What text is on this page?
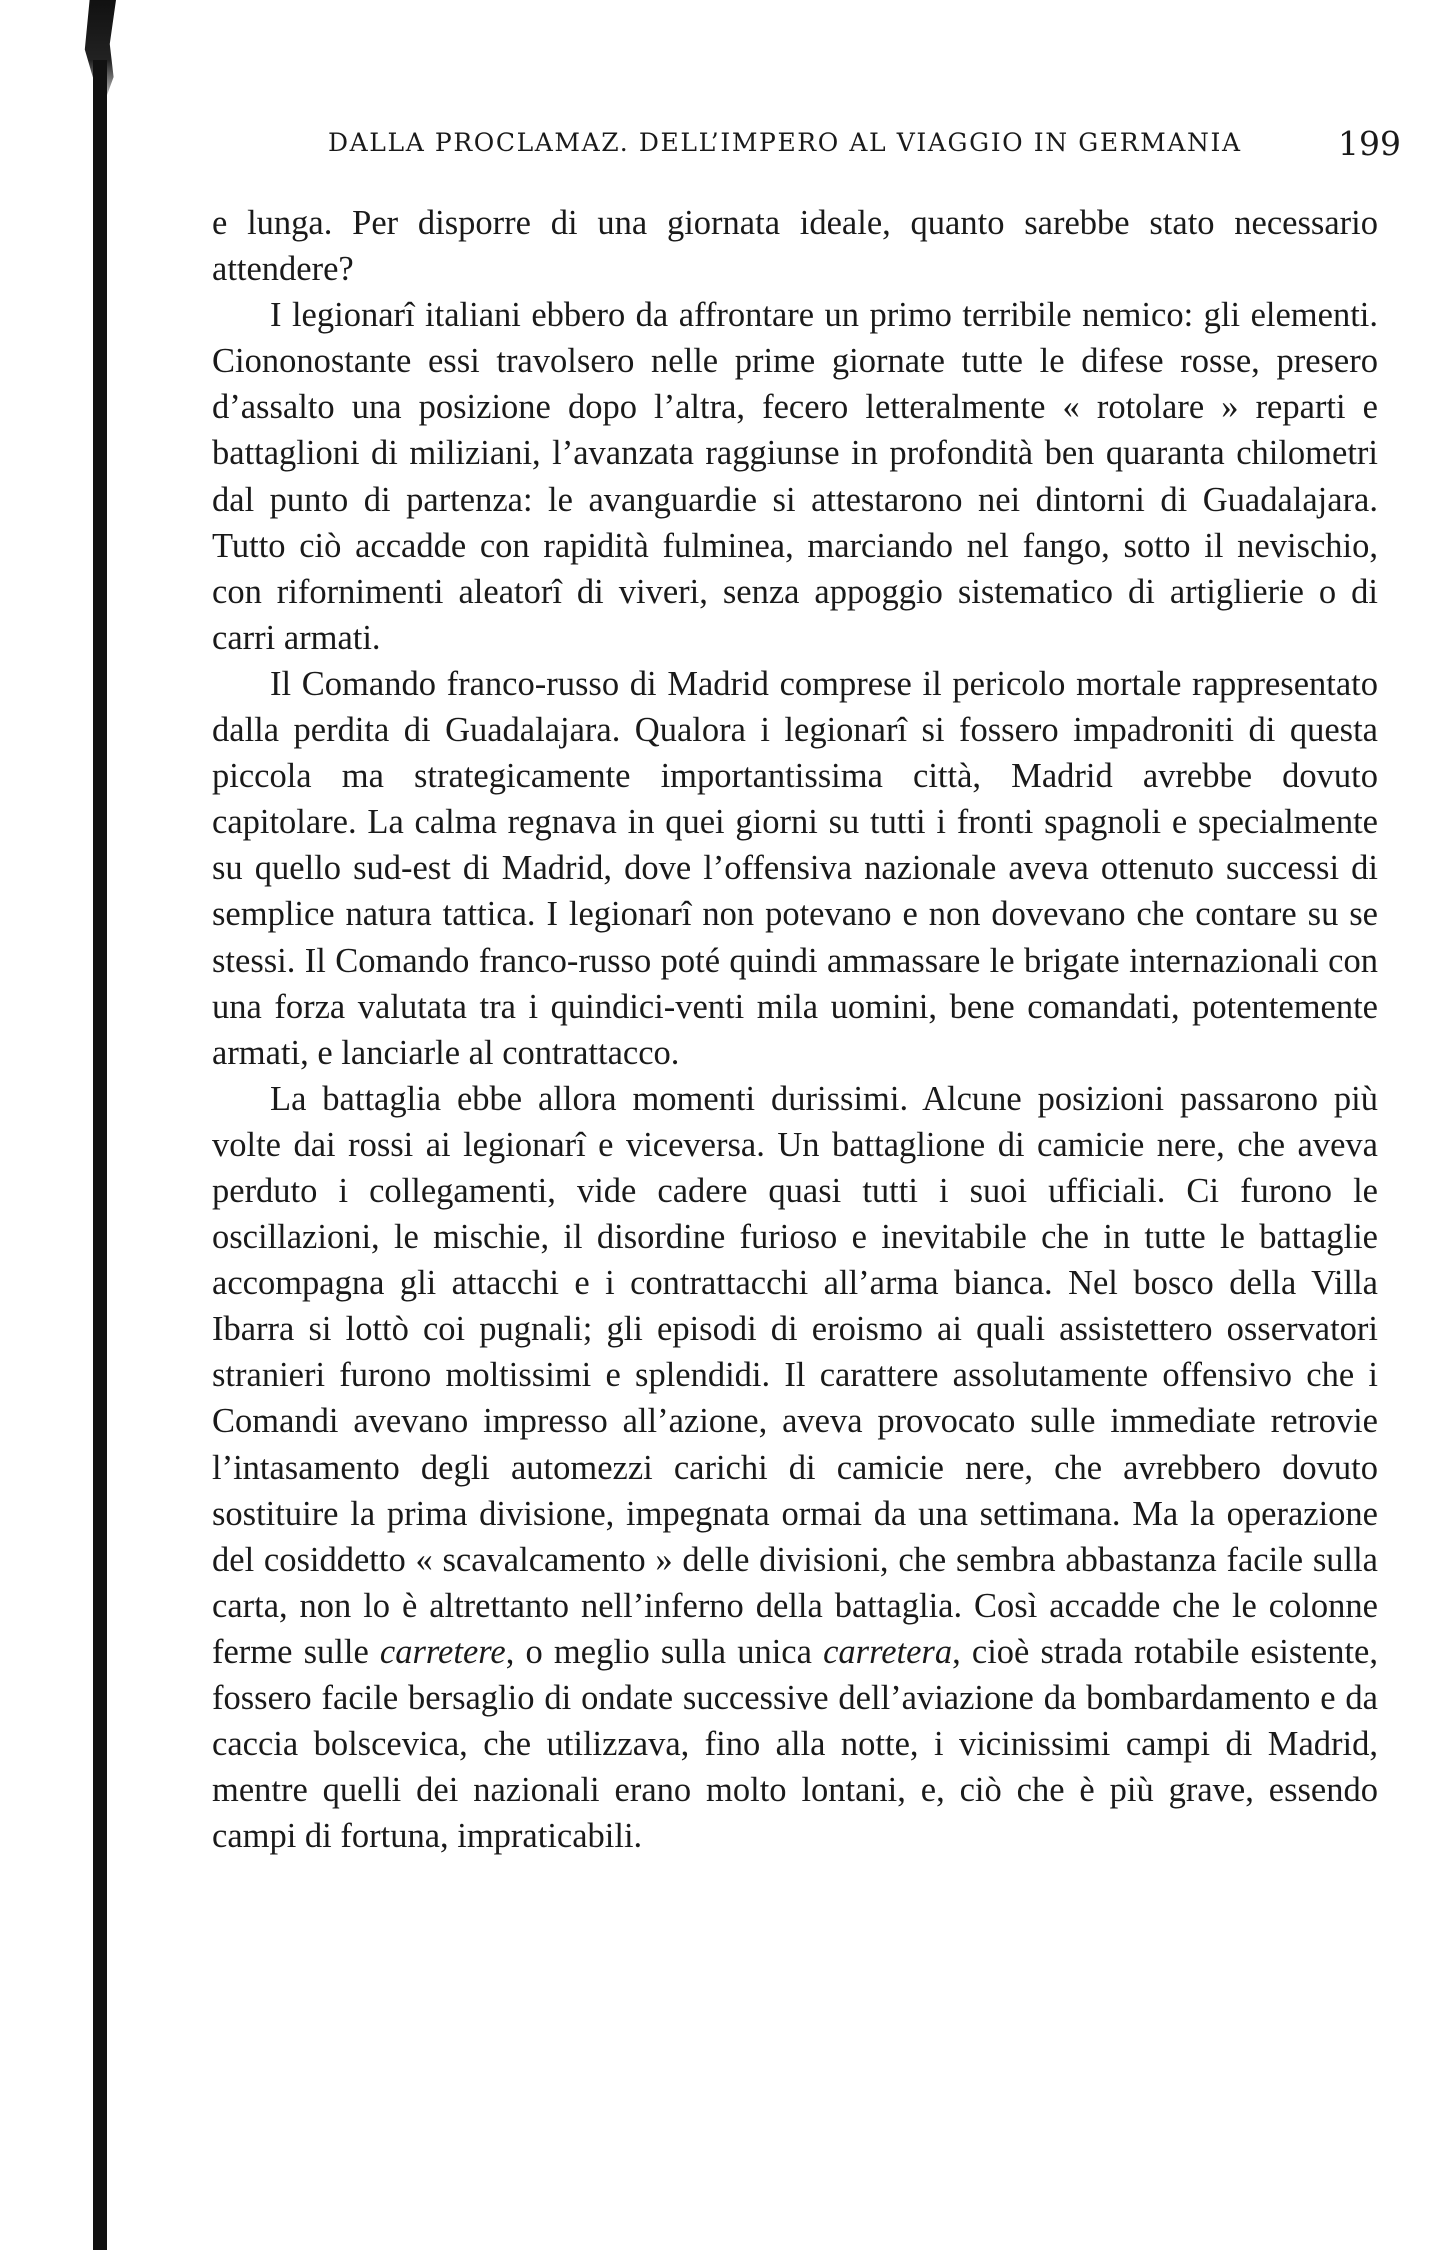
DALLA PROCLAMAZ. DELL’IMPERO AL VIAGGIO IN GERMANIA	199

e lunga. Per disporre di una giornata ideale, quanto sarebbe stato necessario attendere?

I legionarî italiani ebbero da affrontare un primo terribile nemico: gli elementi. Ciononostante essi travolsero nelle prime giornate tutte le difese rosse, presero d’assalto una posizione dopo l’altra, fecero letteralmente « rotolare » reparti e battaglioni di miliziani, l’avanzata raggiunse in profondità ben quaranta chilometri dal punto di partenza: le avanguardie si attestarono nei dintorni di Guadalajara. Tutto ciò accadde con rapidità fulminea, marciando nel fango, sotto il nevischio, con rifornimenti aleatorî di viveri, senza appoggio sistematico di artiglierie o di carri armati.

Il Comando franco-russo di Madrid comprese il pericolo mortale rappresentato dalla perdita di Guadalajara. Qualora i legionarî si fossero impadroniti di questa piccola ma strategicamente importantissima città, Madrid avrebbe dovuto capitolare. La calma regnava in quei giorni su tutti i fronti spagnoli e specialmente su quello sud-est di Madrid, dove l’offensiva nazionale aveva ottenuto successi di semplice natura tattica. I legionarî non potevano e non dovevano che contare su se stessi. Il Comando franco-russo poté quindi ammassare le brigate internazionali con una forza valutata tra i quindici-venti mila uomini, bene comandati, potentemente armati, e lanciarle al contrattacco.

La battaglia ebbe allora momenti durissimi. Alcune posizioni passarono più volte dai rossi ai legionarî e viceversa. Un battaglione di camicie nere, che aveva perduto i collegamenti, vide cadere quasi tutti i suoi ufficiali. Ci furono le oscillazioni, le mischie, il disordine furioso e inevitabile che in tutte le battaglie accompagna gli attacchi e i contrattacchi all’arma bianca. Nel bosco della Villa Ibarra si lottò coi pugnali; gli episodi di eroismo ai quali assistettero osservatori stranieri furono moltissimi e splendidi. Il carattere assolutamente offensivo che i Comandi avevano impresso all’azione, aveva provocato sulle immediate retrovie l’intasamento degli automezzi carichi di camicie nere, che avrebbero dovuto sostituire la prima divisione, impegnata ormai da una settimana. Ma la operazione del cosiddetto « scavalcamento » delle divisioni, che sembra abbastanza facile sulla carta, non lo è altrettanto nell’inferno della battaglia. Così accadde che le colonne ferme sulle carretere, o meglio sulla unica carretera, cioè strada rotabile esistente, fossero facile bersaglio di ondate successive dell’aviazione da bombardamento e da caccia bolscevica, che utilizzava, fino alla notte, i vicinissimi campi di Madrid, mentre quelli dei nazionali erano molto lontani, e, ciò che è più grave, essendo campi di fortuna, impraticabili.
